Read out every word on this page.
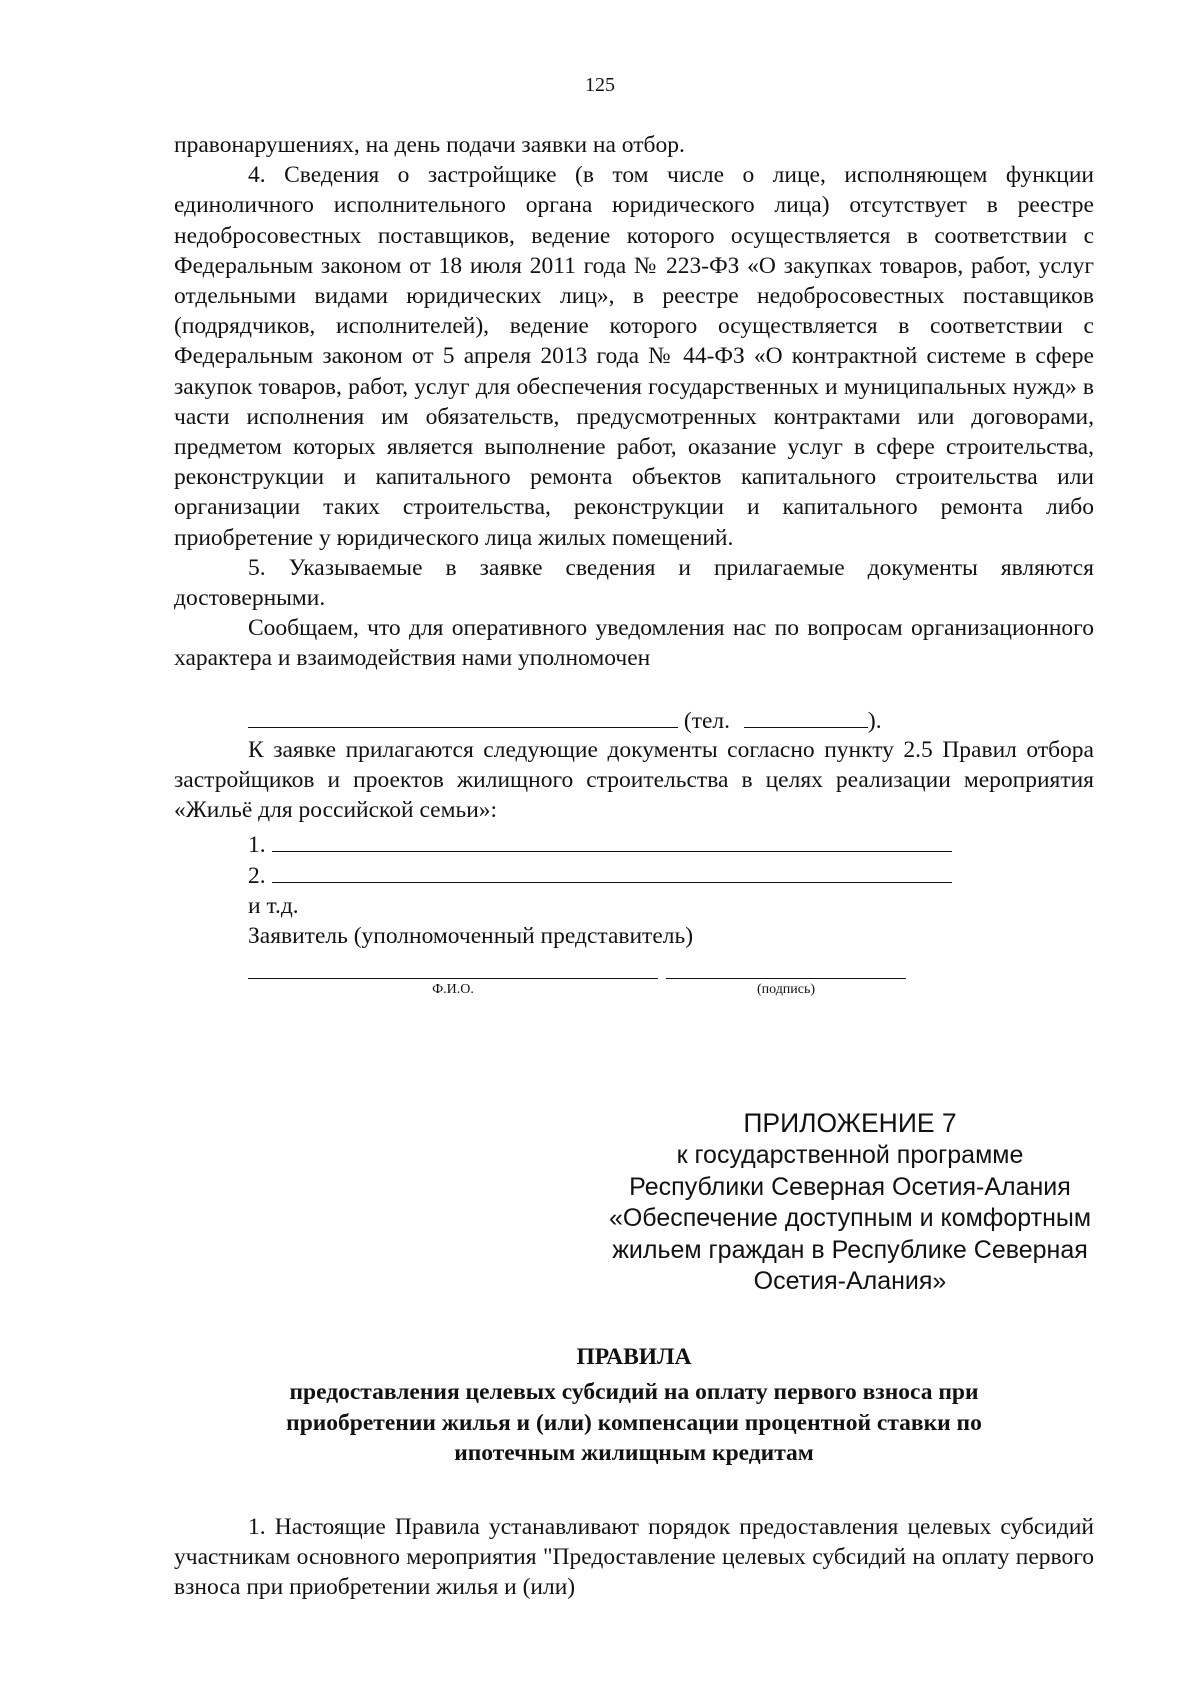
125

правонарушениях, на день подачи заявки на отбор.

4. Сведения о застройщике (в том числе о лице, исполняющем функции единоличного исполнительного органа юридического лица) отсутствует в реестре недобросовестных поставщиков, ведение которого осуществляется в соответствии с Федеральным законом от 18 июля 2011 года № 223-ФЗ «О закупках товаров, работ, услуг отдельными видами юридических лиц», в реестре недобросовестных поставщиков (подрядчиков, исполнителей), ведение которого осуществляется в соответствии с Федеральным законом от 5 апреля 2013 года № 44-ФЗ «О контрактной системе в сфере закупок товаров, работ, услуг для обеспечения государственных и муниципальных нужд» в части исполнения им обязательств, предусмотренных контрактами или договорами, предметом которых является выполнение работ, оказание услуг в сфере строительства, реконструкции и капитального ремонта объектов капитального строительства или организации таких строительства, реконструкции и капитального ремонта либо приобретение у юридического лица жилых помещений.

5. Указываемые в заявке сведения и прилагаемые документы являются достоверными.

Сообщаем, что для оперативного уведомления нас по вопросам организационного характера и взаимодействия нами уполномочен

(тел.	).

К заявке прилагаются следующие документы согласно пункту 2.5 Правил отбора застройщиков и проектов жилищного строительства в целях реализации мероприятия «Жильё для российской семьи»:

1.
2.
и т.д.
Заявитель (уполномоченный представитель)
Ф.И.О.	(подпись)
ПРИЛОЖЕНИЕ 7
к государственной программе
Республики Северная Осетия-Алания
«Обеспечение доступным и комфортным
жильем граждан в Республике Северная
Осетия-Алания»
ПРАВИЛА
предоставления целевых субсидий на оплату первого взноса при приобретении жилья и (или) компенсации процентной ставки по ипотечным жилищным кредитам

1. Настоящие Правила устанавливают порядок предоставления целевых субсидий участникам основного мероприятия "Предоставление целевых субсидий на оплату первого взноса при приобретении жилья и (или)
